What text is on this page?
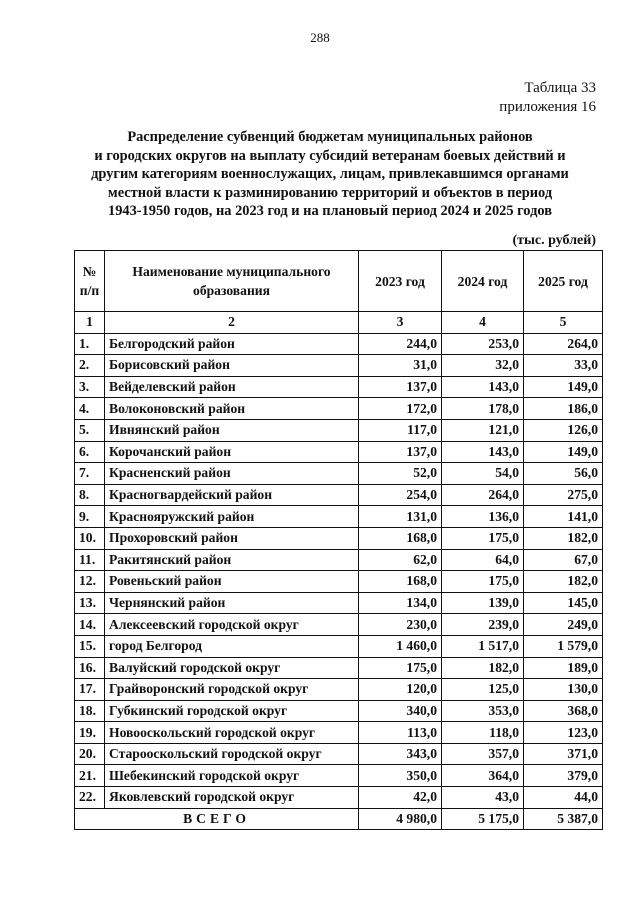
288
Таблица 33
приложения 16
Распределение субвенций бюджетам муниципальных районов
и городских округов на выплату субсидий ветеранам боевых действий и
другим категориям военнослужащих, лицам, привлекавшимся органами
местной власти к разминированию территорий и объектов в период
1943-1950 годов, на 2023 год и на плановый период 2024 и 2025 годов
(тыс. рублей)
№
п/п	Наименование муниципального образования	2023 год	2024 год	2025 год
1	2	3	4	5
1.	Белгородский район	244,0	253,0	264,0
2.	Борисовский район	31,0	32,0	33,0
3.	Вейделевский район	137,0	143,0	149,0
4.	Волоконовский район	172,0	178,0	186,0
5.	Ивнянский район	117,0	121,0	126,0
6.	Корочанский район	137,0	143,0	149,0
7.	Красненский район	52,0	54,0	56,0
8.	Красногвардейский район	254,0	264,0	275,0
9.	Краснояружский район	131,0	136,0	141,0
10.	Прохоровский район	168,0	175,0	182,0
11.	Ракитянский район	62,0	64,0	67,0
12.	Ровеньский район	168,0	175,0	182,0
13.	Чернянский район	134,0	139,0	145,0
14.	Алексеевский городской округ	230,0	239,0	249,0
15.	город Белгород	1 460,0	1 517,0	1 579,0
16.	Валуйский городской округ	175,0	182,0	189,0
17.	Грайворонский городской округ	120,0	125,0	130,0
18.	Губкинский городской округ	340,0	353,0	368,0
19.	Новооскольский городской округ	113,0	118,0	123,0
20.	Старооскольский городской округ	343,0	357,0	371,0
21.	Шебекинский городской округ	350,0	364,0	379,0
22.	Яковлевский городской округ	42,0	43,0	44,0
ВСЕГО		4 980,0	5 175,0	5 387,0
